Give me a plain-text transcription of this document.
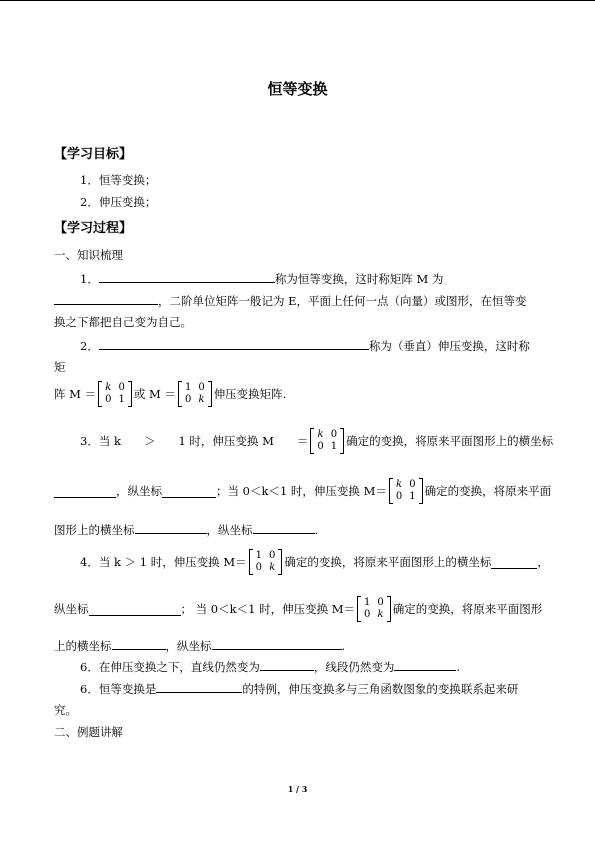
恒等变换
【学习目标】
1．恒等变换；
2．伸压变换；
【学习过程】
一、知识梳理
1．	称为恒等变换，这时称矩阵 M 为
，二阶单位矩阵一般记为 E，平面上任何一点（向量）或图形，在恒等变
换之下都把自己变为自己。
2．	称为（垂直）伸压变换，这时称
矩
阵 M ＝ k 0
0 1 或 M ＝ 1 0
0 k 伸压变换矩阵.
3．当 k　　＞　　1 时，伸压变换 M　　＝ k 0
0 1 确定的变换，将原来平面图形上的横坐标
，纵坐标	；当 0＜k＜1 时，伸压变换 M＝ k 0
0 1 确定的变换，将原来平面
图形上的横坐标	，纵坐标	.
4．当 k ＞ 1 时，伸压变换 M＝ 1 0
0 k 确定的变换，将原来平面图形上的横坐标	，
纵坐标	； 当 0＜k＜1 时，伸压变换 M＝ 1 0
0 k 确定的变换，将原来平面图形
上的横坐标	，纵坐标	.
6．在伸压变换之下，直线仍然变为	，线段仍然变为	.
6．恒等变换是	的特例，伸压变换多与三角函数图象的变换联系起来研
究。
二、例题讲解
1 / 3
